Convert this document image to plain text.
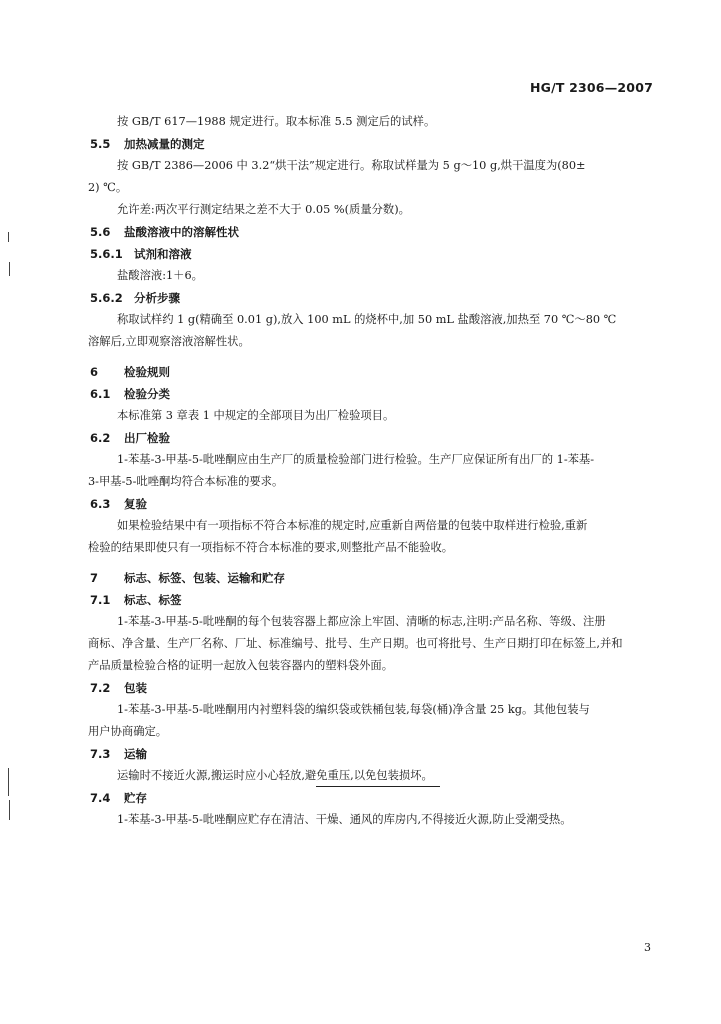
HG/T 2306—2007
按 GB/T 617—1988 规定进行。取本标准 5.5 测定后的试样。
5.5 加热减量的测定
按 GB/T 2386—2006 中 3.2“烘干法”规定进行。称取试样量为 5 g～10 g,烘干温度为(80±
2) ℃。
允许差:两次平行测定结果之差不大于 0.05 %(质量分数)。
5.6 盐酸溶液中的溶解性状
5.6.1 试剂和溶液
盐酸溶液:1＋6。
5.6.2 分析步骤
称取试样约 1 g(精确至 0.01 g),放入 100 mL 的烧杯中,加 50 mL 盐酸溶液,加热至 70 ℃～80 ℃
溶解后,立即观察溶液溶解性状。
6 检验规则
6.1 检验分类
本标准第 3 章表 1 中规定的全部项目为出厂检验项目。
6.2 出厂检验
1-苯基-3-甲基-5-吡唑酮应由生产厂的质量检验部门进行检验。生产厂应保证所有出厂的 1-苯基-
3-甲基-5-吡唑酮均符合本标准的要求。
6.3 复验
如果检验结果中有一项指标不符合本标准的规定时,应重新自两倍量的包装中取样进行检验,重新
检验的结果即使只有一项指标不符合本标准的要求,则整批产品不能验收。
7 标志、标签、包装、运输和贮存
7.1 标志、标签
1-苯基-3-甲基-5-吡唑酮的每个包装容器上都应涂上牢固、清晰的标志,注明:产品名称、等级、注册
商标、净含量、生产厂名称、厂址、标准编号、批号、生产日期。也可将批号、生产日期打印在标签上,并和
产品质量检验合格的证明一起放入包装容器内的塑料袋外面。
7.2 包装
1-苯基-3-甲基-5-吡唑酮用内衬塑料袋的编织袋或铁桶包装,每袋(桶)净含量 25 kg。其他包装与
用户协商确定。
7.3 运输
运输时不接近火源,搬运时应小心轻放,避免重压,以免包装损坏。
7.4 贮存
1-苯基-3-甲基-5-吡唑酮应贮存在清洁、干燥、通风的库房内,不得接近火源,防止受潮受热。
3
